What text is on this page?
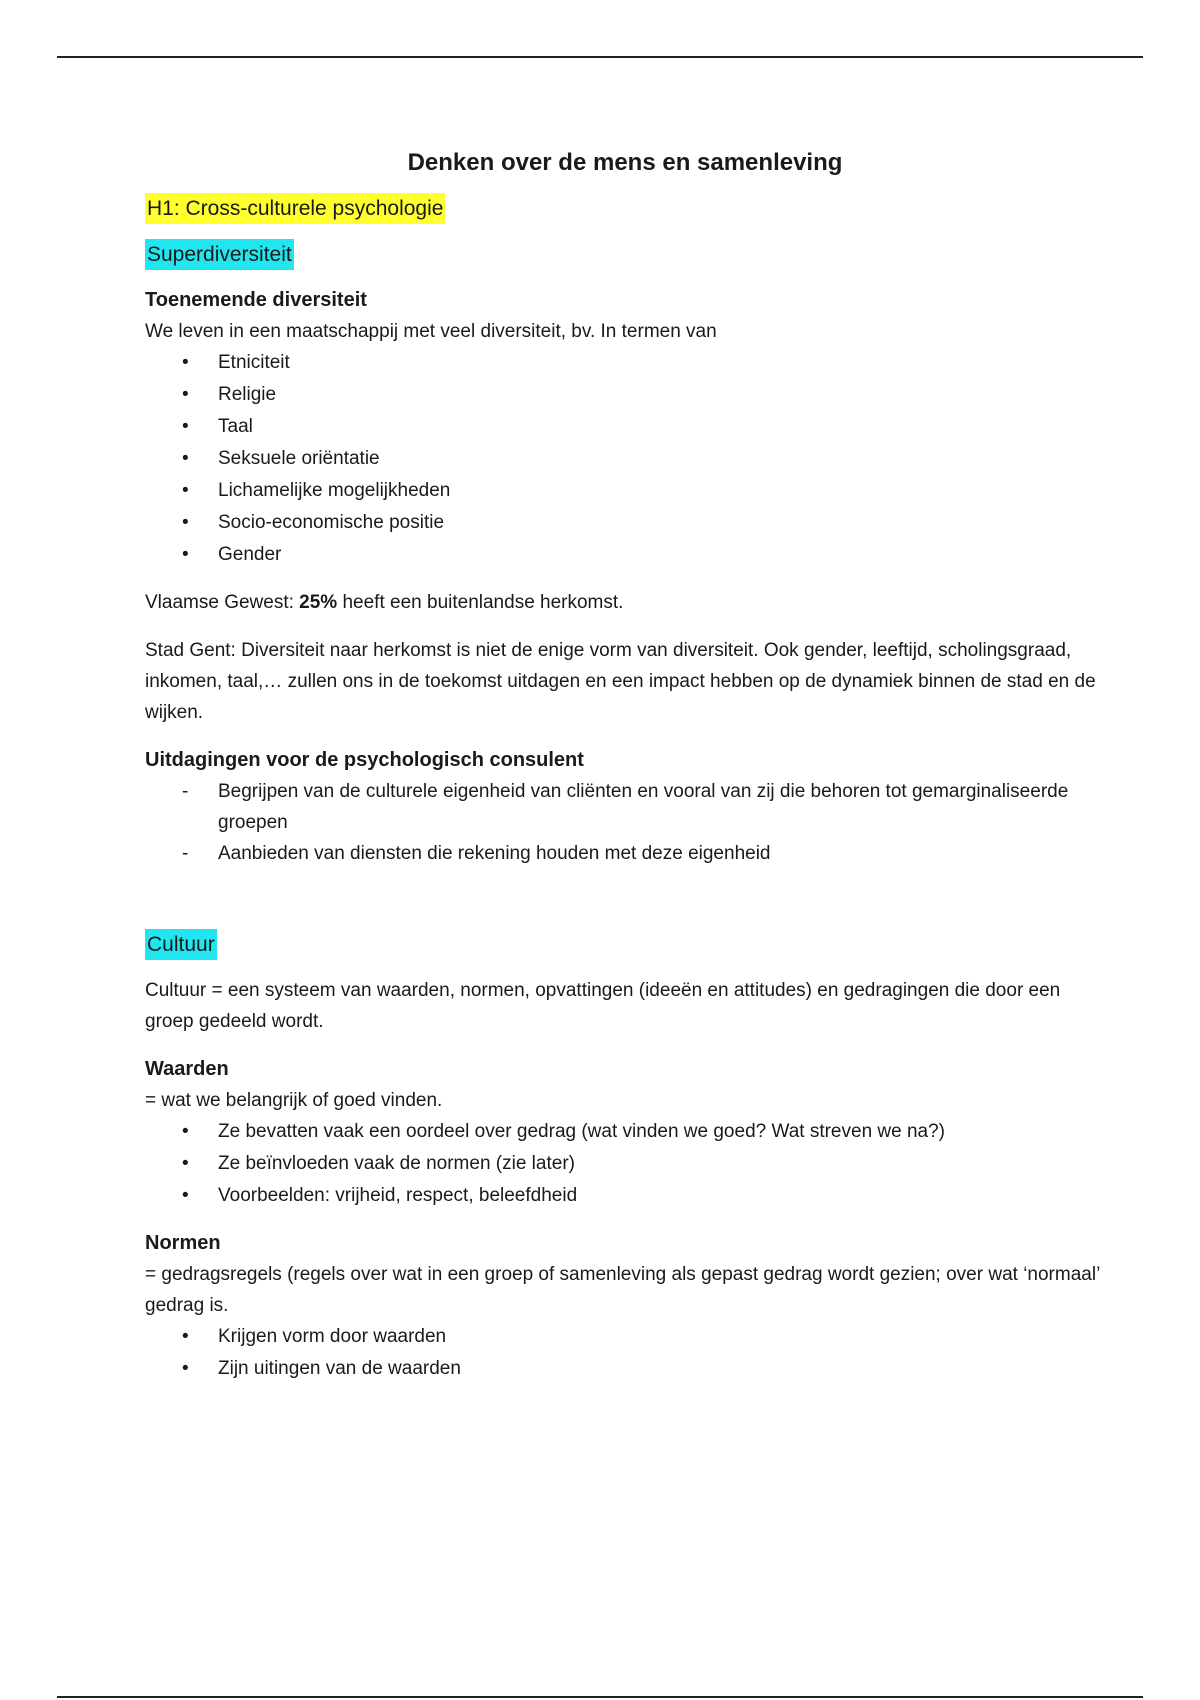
Denken over de mens en samenleving
H1: Cross-culturele psychologie
Superdiversiteit

Toenemende diversiteit

We leven in een maatschappij met veel diversiteit, bv. In termen van

•	Etniciteit
•	Religie
•	Taal
•	Seksuele oriëntatie
•	Lichamelijke mogelijkheden
•	Socio-economische positie
•	Gender

Vlaamse Gewest: 25% heeft een buitenlandse herkomst.

Stad Gent: Diversiteit naar herkomst is niet de enige vorm van diversiteit. Ook gender, leeftijd, scholingsgraad, inkomen, taal,… zullen ons in de toekomst uitdagen en een impact hebben op de dynamiek binnen de stad en de wijken.

Uitdagingen voor de psychologisch consulent

-	Begrijpen van de culturele eigenheid van cliënten en vooral van zij die behoren tot gemarginaliseerde groepen
-	Aanbieden van diensten die rekening houden met deze eigenheid
Cultuur

Cultuur = een systeem van waarden, normen, opvattingen (ideeën en attitudes) en gedragingen die door een groep gedeeld wordt.

Waarden

= wat we belangrijk of goed vinden.

•	Ze bevatten vaak een oordeel over gedrag (wat vinden we goed? Wat streven we na?)
•	Ze beïnvloeden vaak de normen (zie later)
•	Voorbeelden: vrijheid, respect, beleefdheid

Normen

= gedragsregels (regels over wat in een groep of samenleving als gepast gedrag wordt gezien; over wat ‘normaal’ gedrag is.

•	Krijgen vorm door waarden
•	Zijn uitingen van de waarden
